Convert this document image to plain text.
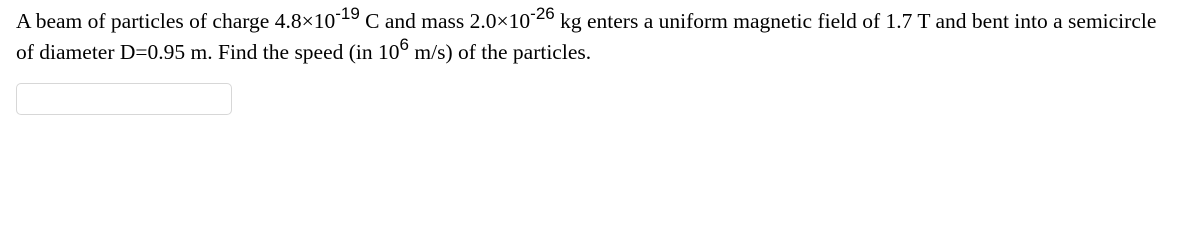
A beam of particles of charge $4.8\times 10^{-19}$ C and mass $2.0\times 10^{-26}$ kg enters a uniform magnetic field of 1.7 T and bent into a semicircle
of diameter D=0.95 m. Find the speed (in $10^6$ m/s) of the particles.
